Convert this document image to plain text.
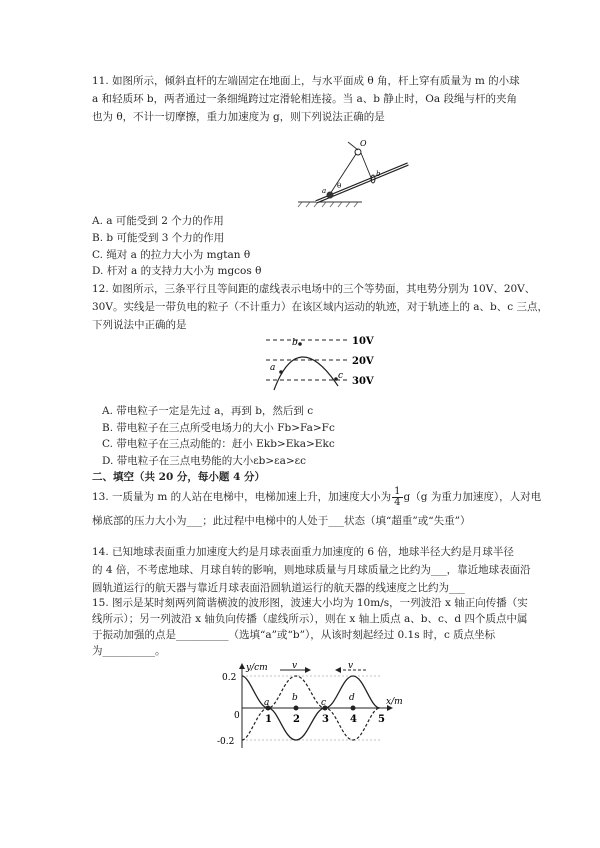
11. 如图所示，倾斜直杆的左端固定在地面上，与水平面成 θ 角，杆上穿有质量为 m 的小球
a 和轻质环 b，两者通过一条细绳跨过定滑轮相连接。当 a、b 静止时，Oa 段绳与杆的夹角
也为 θ，不计一切摩擦，重力加速度为 g，则下列说法正确的是
O
θ
a
b
A. a 可能受到 2 个力的作用
B. b 可能受到 3 个力的作用
C. 绳对 a 的拉力大小为 mgtan θ
D. 杆对 a 的支持力大小为 mgcos θ
12. 如图所示，三条平行且等间距的虚线表示电场中的三个等势面，其电势分别为 10V、20V、
30V。实线是一带负电的粒子（不计重力）在该区域内运动的轨迹，对于轨迹上的 a、b、c 三点，
下列说法中正确的是
a
b
c
10V
20V
30V
A. 带电粒子一定是先过 a，再到 b，然后到 c
B. 带电粒子在三点所受电场力的大小 Fb>Fa>Fc
C. 带电粒子在三点动能的：赶小 Ekb>Eka>Ekc
D. 带电粒子在三点电势能的大小εb>εa>εc
二、填空（共 20 分，每小题 4 分）
13. 一质量为 m 的人站在电梯中，电梯加速上升，加速度大小为 $\frac{1}{4} g(g$ 为重力加速度），人对电
梯底部的压力大小为___；此过程中电梯中的人处于___状态（填“超重”或“失重”）
14. 已知地球表面重力加速度大约是月球表面重力加速度的 6 倍，地球半径大约是月球半径
的 4 倍，不考虑地球、月球自转的影响，则地球质量与月球质量之比约为___，靠近地球表面沿
圆轨道运行的航天器与靠近月球表面沿圆轨道运行的航天器的线速度之比约为___
15. 图示是某时刻两列简谐横波的波形图，波速大小均为 10m/s，一列波沿 x 轴正向传播（实
线所示）；另一列波沿 x 轴负向传播（虚线所示），则在 x 轴上质点 a、b、c、d 四个质点中属
于振动加强的点是__________（选填“a”或“b”），从该时刻起经过 0.1s 时，c 质点坐标
为__________。
v	v
a	b	c	d
1 2 3 4 5
0
0.2
-0.2
y/cm
x/m
